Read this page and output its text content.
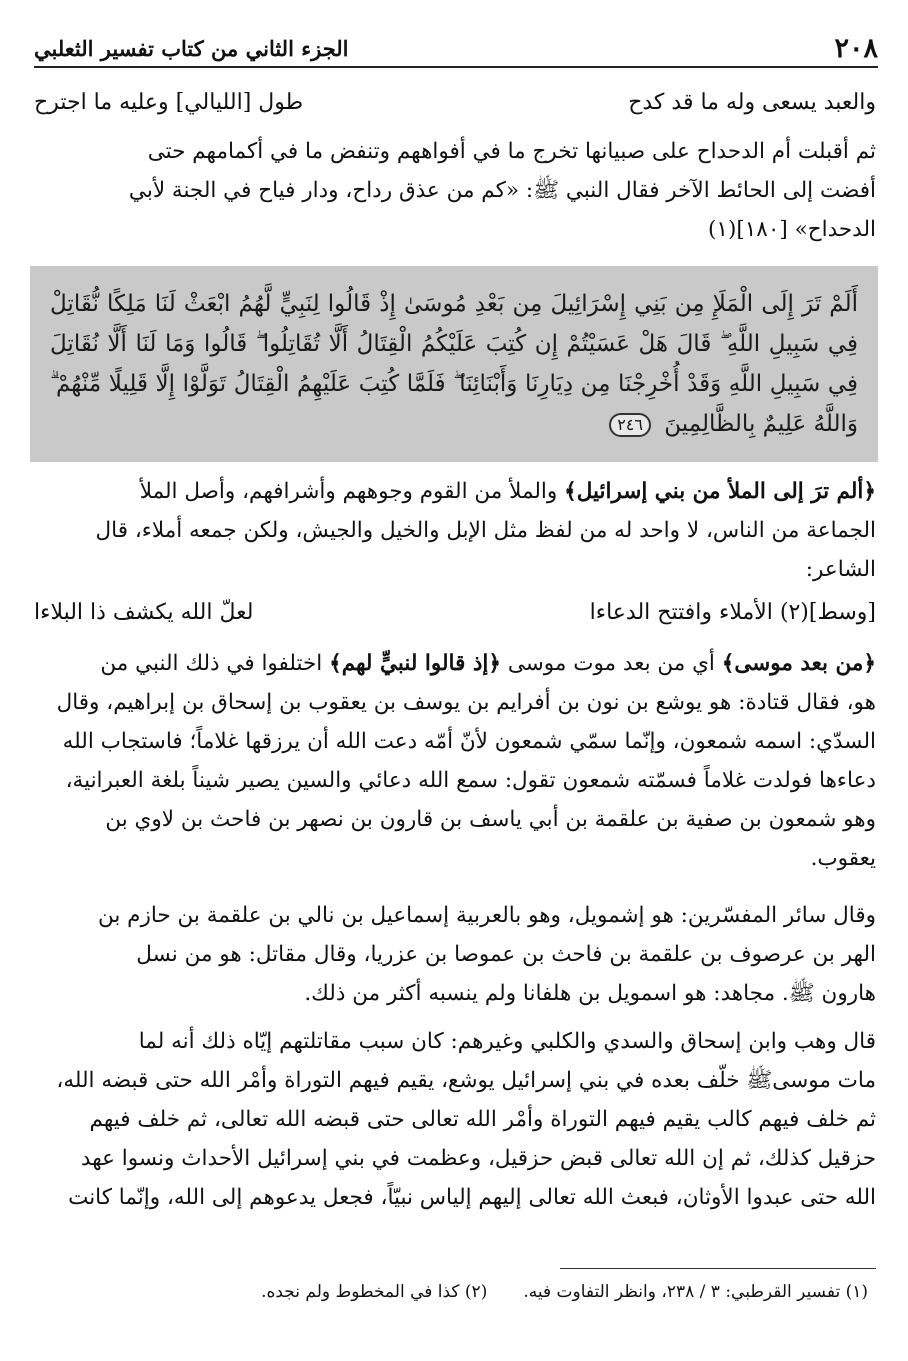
٢٠٨
الجزء الثاني من كتاب تفسير الثعلبي
والعبد يسعى وله ما قد كدح
طول [الليالي] وعليه ما اجترح

ثم أقبلت أم الدحداح على صبيانها تخرج ما في أفواههم وتنفض ما في أكمامهم حتى
أفضت إلى الحائط الآخر فقال النبي ﷺ: «كم من عذق رداح، ودار فياح في الجنة لأبي
الدحداح» [١٨٠](١)

أَلَمْ تَرَ إِلَى الْمَلَإِ مِن بَنِي إِسْرَائِيلَ مِن بَعْدِ مُوسَىٰ إِذْ قَالُوا لِنَبِيٍّ لَّهُمُ ابْعَثْ لَنَا مَلِكًا نُّقَاتِلْ فِي سَبِيلِ اللَّهِ ۖ قَالَ هَلْ عَسَيْتُمْ إِن كُتِبَ عَلَيْكُمُ الْقِتَالُ أَلَّا تُقَاتِلُوا ۖ قَالُوا وَمَا لَنَا أَلَّا نُقَاتِلَ فِي سَبِيلِ اللَّهِ وَقَدْ أُخْرِجْنَا مِن دِيَارِنَا وَأَبْنَائِنَا ۖ فَلَمَّا كُتِبَ عَلَيْهِمُ الْقِتَالُ تَوَلَّوْا إِلَّا قَلِيلًا مِّنْهُمْ ۗ وَاللَّهُ عَلِيمٌ بِالظَّالِمِينَ ٢٤٦

﴿ألم ترَ إلى الملأ من بني إسرائيل﴾ والملأ من القوم وجوههم وأشرافهم، وأصل الملأ
الجماعة من الناس، لا واحد له من لفظ مثل الإبل والخيل والجيش، ولكن جمعه أملاء، قال
الشاعر:

[وسط](٢) الأملاء وافتتح الدعاءا
لعلّ الله يكشف ذا البلاءا

﴿من بعد موسى﴾ أي من بعد موت موسى ﴿إذ قالوا لنبيٍّ لهم﴾ اختلفوا في ذلك النبي من
هو، فقال قتادة: هو يوشع بن نون بن أفرايم بن يوسف بن يعقوب بن إسحاق بن إبراهيم، وقال
السدّي: اسمه شمعون، وإنّما سمّي شمعون لأنّ أمّه دعت الله أن يرزقها غلاماً؛ فاستجاب الله
دعاءها فولدت غلاماً فسمّته شمعون تقول: سمع الله دعائي والسين يصير شيناً بلغة العبرانية،
وهو شمعون بن صفية بن علقمة بن أبي ياسف بن قارون بن نصهر بن فاحث بن لاوي بن
يعقوب.

وقال سائر المفسّرين: هو إشمويل، وهو بالعربية إسماعيل بن نالي بن علقمة بن حازم بن
الهر بن عرصوف بن علقمة بن فاحث بن عموصا بن عزريا، وقال مقاتل: هو من نسل
هارون ﷺ. مجاهد: هو اسمويل بن هلفانا ولم ينسبه أكثر من ذلك.

قال وهب وابن إسحاق والسدي والكلبي وغيرهم: كان سبب مقاتلتهم إيّاه ذلك أنه لما
مات موسىﷺ خلّف بعده في بني إسرائيل يوشع، يقيم فيهم التوراة وأمْر الله حتى قبضه الله،
ثم خلف فيهم كالب يقيم فيهم التوراة وأمْر الله تعالى حتى قبضه الله تعالى، ثم خلف فيهم
حزقيل كذلك، ثم إن الله تعالى قبض حزقيل، وعظمت في بني إسرائيل الأحداث ونسوا عهد
الله حتى عبدوا الأوثان، فبعث الله تعالى إليهم إلياس نبيّاً، فجعل يدعوهم إلى الله، وإنّما كانت

(١) تفسير القرطبي: ٣ / ٢٣٨، وانظر التفاوت فيه.
(٢) كذا في المخطوط ولم نجده.
